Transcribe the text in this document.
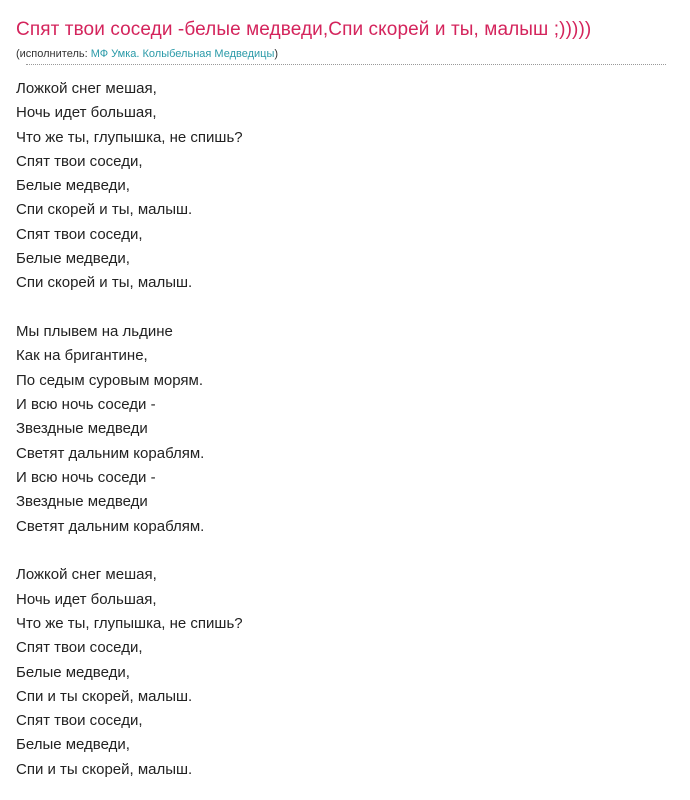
Спят твои соседи -белые медведи,Спи скорей и ты, малыш ;)))))
(исполнитель: МФ Умка. Колыбельная Медведицы)
Ложкой снег мешая,
Ночь идет большая,
Что же ты, глупышка, не спишь?
Спят твои соседи,
Белые медведи,
Спи скорей и ты, малыш.
Спят твои соседи,
Белые медведи,
Спи скорей и ты, малыш.
Мы плывем на льдине
Как на бригантине,
По седым суровым морям.
И всю ночь соседи -
Звездные медведи
Светят дальним кораблям.
И всю ночь соседи -
Звездные медведи
Светят дальним кораблям.
Ложкой снег мешая,
Ночь идет большая,
Что же ты, глупышка, не спишь?
Спят твои соседи,
Белые медведи,
Спи и ты скорей, малыш.
Спят твои соседи,
Белые медведи,
Спи и ты скорей, малыш.
